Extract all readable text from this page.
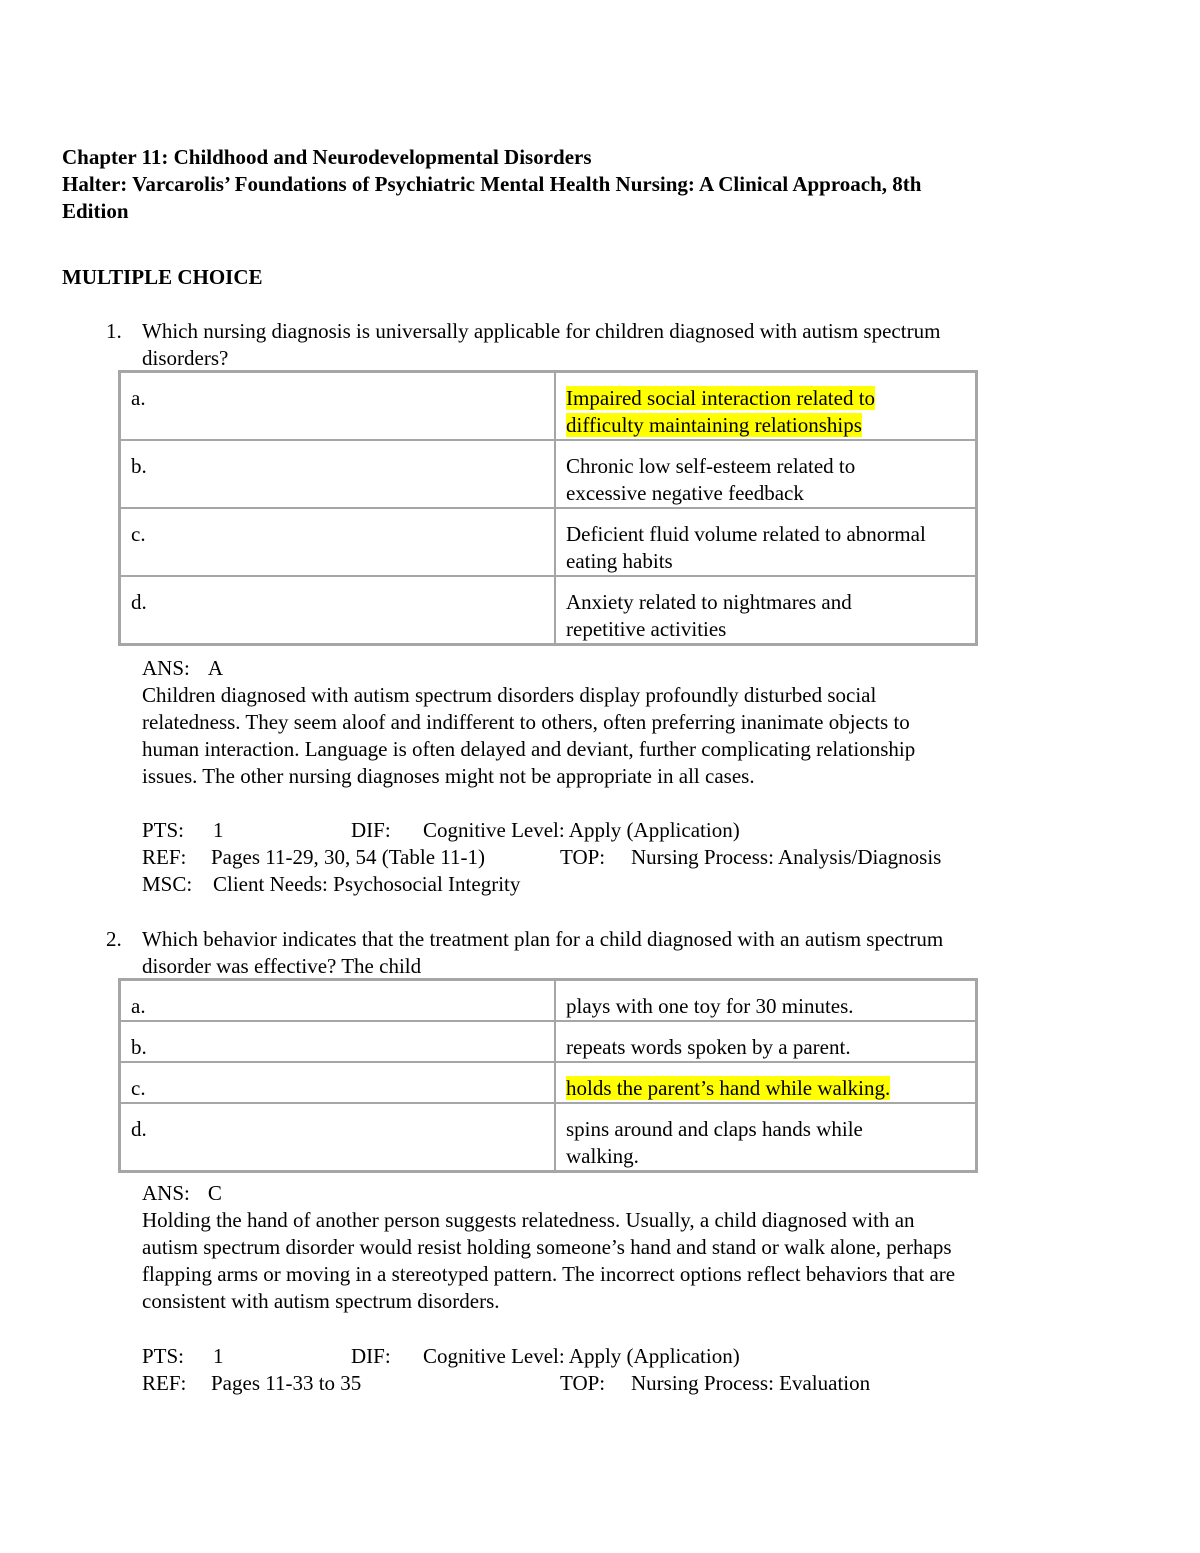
Chapter 11: Childhood and Neurodevelopmental Disorders
Halter: Varcarolis’ Foundations of Psychiatric Mental Health Nursing: A Clinical Approach, 8th
Edition
MULTIPLE CHOICE
1. Which nursing diagnosis is universally applicable for children diagnosed with autism spectrum
disorders?
a.	Impaired social interaction related to
difficulty maintaining relationships
b.	Chronic low self-esteem related to
excessive negative feedback
c.	Deficient fluid volume related to abnormal
eating habits
d.	Anxiety related to nightmares and
repetitive activities
ANS: A
Children diagnosed with autism spectrum disorders display profoundly disturbed social
relatedness. They seem aloof and indifferent to others, often preferring inanimate objects to
human interaction. Language is often delayed and deviant, further complicating relationship
issues. The other nursing diagnoses might not be appropriate in all cases.
PTS: 1	DIF: Cognitive Level: Apply (Application)
REF: Pages 11-29, 30, 54 (Table 11-1)	TOP: Nursing Process: Analysis/Diagnosis
MSC: Client Needs: Psychosocial Integrity
2. Which behavior indicates that the treatment plan for a child diagnosed with an autism spectrum
disorder was effective? The child
a.	plays with one toy for 30 minutes.
b.	repeats words spoken by a parent.
c.	holds the parent’s hand while walking.
d.	spins around and claps hands while
walking.
ANS: C
Holding the hand of another person suggests relatedness. Usually, a child diagnosed with an
autism spectrum disorder would resist holding someone’s hand and stand or walk alone, perhaps
flapping arms or moving in a stereotyped pattern. The incorrect options reflect behaviors that are
consistent with autism spectrum disorders.
PTS: 1	DIF: Cognitive Level: Apply (Application)
REF: Pages 11-33 to 35	TOP: Nursing Process: Evaluation
